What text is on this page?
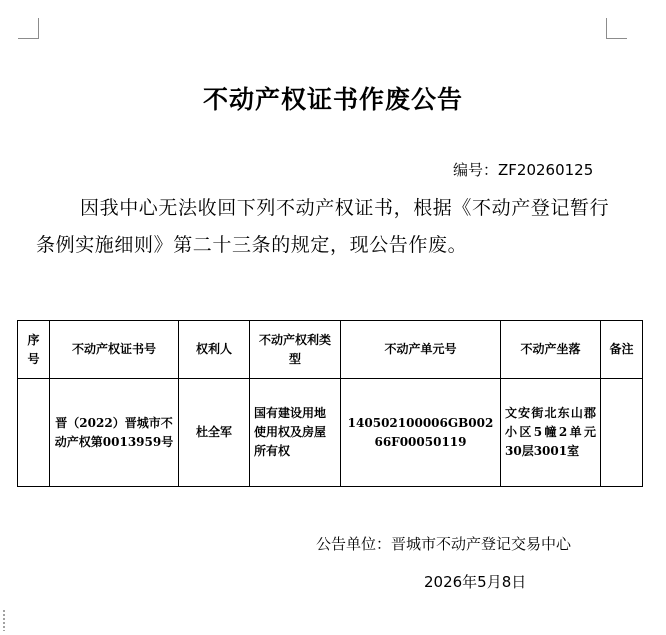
不动产权证书作废公告
编号：ZF20260125
因我中心无法收回下列不动产权证书，根据《不动产登记暂行条例实施细则》第二十三条的规定，现公告作废。
序号	不动产权证书号	权利人	不动产权利类型	不动产单元号	不动产坐落	备注
	晋（2022）晋城市不动产权第0013959号	杜全军	国有建设用地使用权及房屋所有权	140502100006GB00266F00050119	文安街北东山郡小区5幢2单元30层3001室	
公告单位：晋城市不动产登记交易中心
2026年5月8日
